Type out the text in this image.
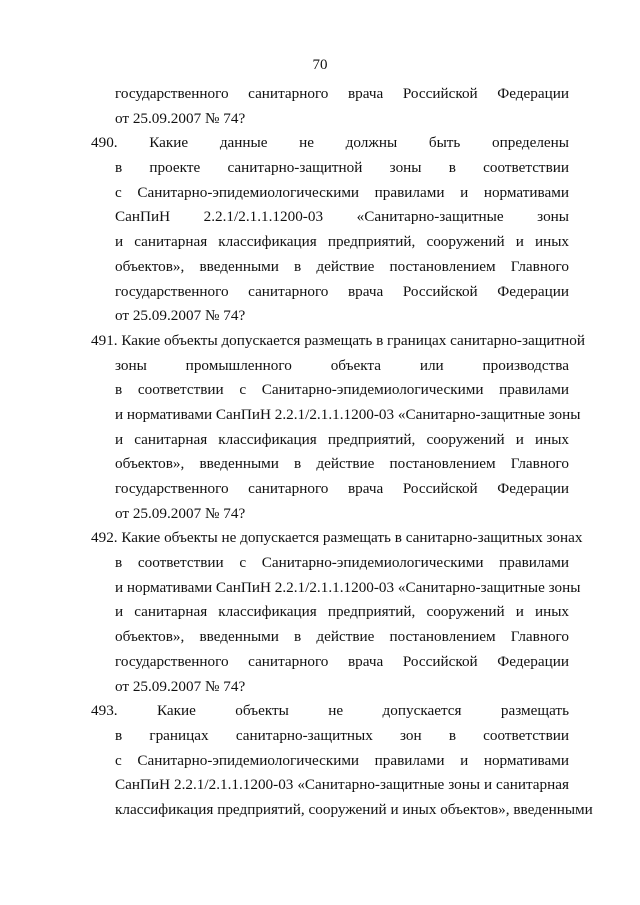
70
государственного санитарного врача Российской Федерации
от 25.09.2007 № 74?
490. Какие данные не должны быть определены
в проекте санитарно-защитной зоны в соответствии
с Санитарно-эпидемиологическими правилами и нормативами
СанПиН 2.2.1/2.1.1.1200-03 «Санитарно-защитные зоны
и санитарная классификация предприятий, сооружений и иных
объектов», введенными в действие постановлением Главного
государственного санитарного врача Российской Федерации
от 25.09.2007 № 74?
491. Какие объекты допускается размещать в границах санитарно-защитной
зоны промышленного объекта или производства
в соответствии с Санитарно-эпидемиологическими правилами
и нормативами СанПиН 2.2.1/2.1.1.1200-03 «Санитарно-защитные зоны
и санитарная классификация предприятий, сооружений и иных
объектов», введенными в действие постановлением Главного
государственного санитарного врача Российской Федерации
от 25.09.2007 № 74?
492. Какие объекты не допускается размещать в санитарно-защитных зонах
в соответствии с Санитарно-эпидемиологическими правилами
и нормативами СанПиН 2.2.1/2.1.1.1200-03 «Санитарно-защитные зоны
и санитарная классификация предприятий, сооружений и иных
объектов», введенными в действие постановлением Главного
государственного санитарного врача Российской Федерации
от 25.09.2007 № 74?
493. Какие объекты не допускается размещать
в границах санитарно-защитных зон в соответствии
с Санитарно-эпидемиологическими правилами и нормативами
СанПиН 2.2.1/2.1.1.1200-03 «Санитарно-защитные зоны и санитарная
классификация предприятий, сооружений и иных объектов», введенными
